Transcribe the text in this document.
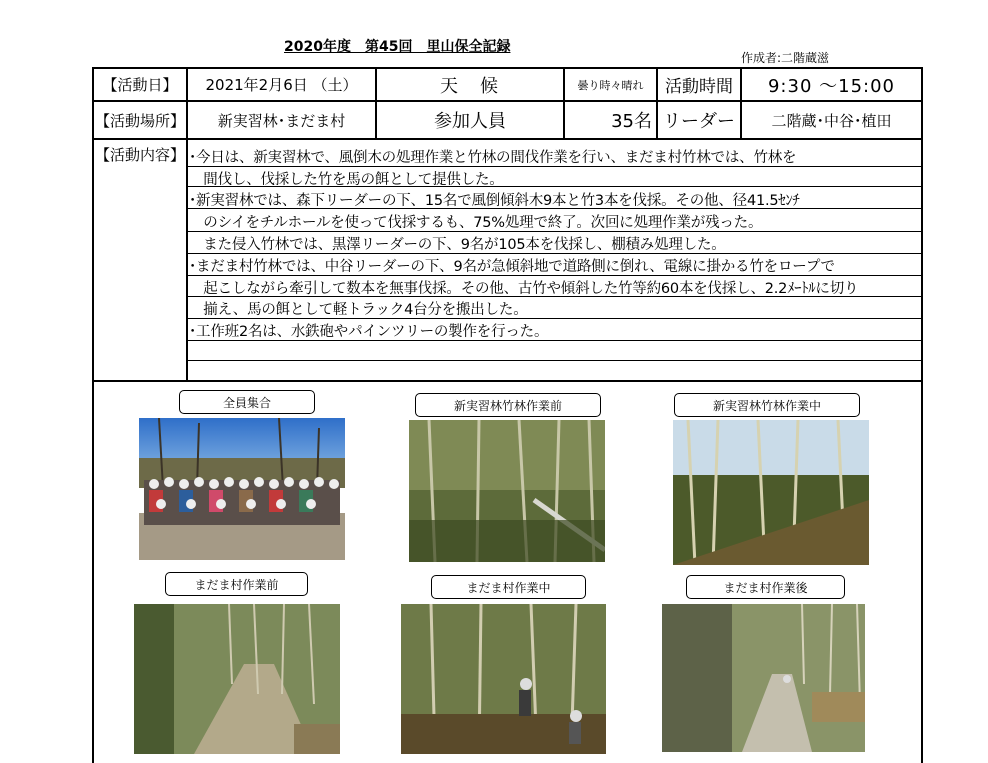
2020年度　第45回　里山保全記録
作成者:二階蔵滋
【活動日】	2021年2月6日 （土）	天　候	曇り時々晴れ	活動時間	9:30 ～15:00
【活動場所】	新実習林･まだま村	参加人員	35名 リーダー	二階蔵･中谷･植田
【活動内容】 ･今日は、新実習林で、風倒木の処理作業と竹林の間伐作業を行い、まだま村竹林では、竹林を
　間伐し、伐採した竹を馬の餌として提供した。
･新実習林では、森下リーダーの下、15名で風倒傾斜木9本と竹3本を伐採。その他、径41.5ｾﾝﾁ
　のシイをチルホールを使って伐採するも、75%処理で終了。次回に処理作業が残った。
　また侵入竹林では、黒澤リーダーの下、9名が105本を伐採し、棚積み処理した。
･まだま村竹林では、中谷リーダーの下、9名が急傾斜地で道路側に倒れ、電線に掛かる竹をロープで
　起こしながら牽引して数本を無事伐採。その他、古竹や傾斜した竹等約60本を伐採し、2.2ﾒｰﾄﾙに切り
　揃え、馬の餌として軽トラック4台分を搬出した。
･工作班2名は、水鉄砲やパインツリーの製作を行った。
全員集合	新実習林竹林作業前	新実習林竹林作業中
まだま村作業前	まだま村作業中	まだま村作業後
